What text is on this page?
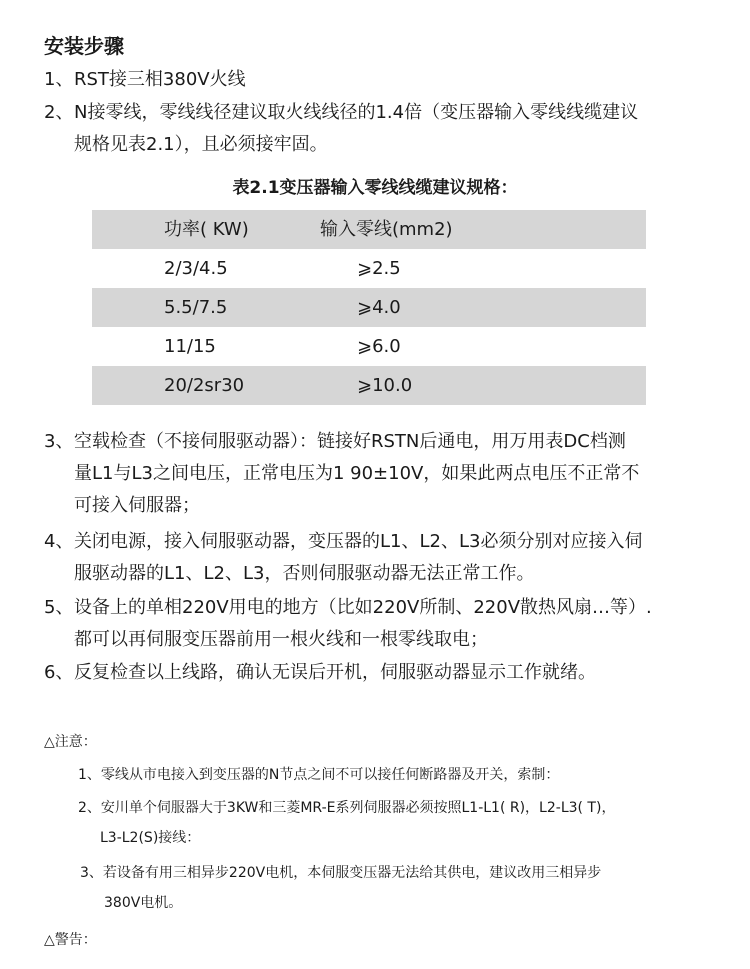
安装步骤
1、RST接三相380V火线
2、N接零线，零线线径建议取火线线径的1.4倍（变压器输入零线线缆建议
规格见表2.1），且必须接牢固。
表2.1变压器输入零线线缆建议规格：
功率( KW)	输入零线(mm2)
2/3/4.5	⩾2.5
5.5/7.5	⩾4.0
11/15	⩾6.0
20/2sr30	⩾10.0
3、空载检查（不接伺服驱动器）：链接好RSTN后通电，用万用表DC档测
量L1与L3之间电压，正常电压为1 90±10V，如果此两点电压不正常不
可接入伺服器；
4、关闭电源，接入伺服驱动器，变压器的L1、L2、L3必须分别对应接入伺
服驱动器的L1、L2、L3，否则伺服驱动器无法正常工作。
5、设备上的单相220V用电的地方（比如220V所制、220V散热风扇…等）.
都可以再伺服变压器前用一根火线和一根零线取电；
6、反复检查以上线路，确认无误后开机，伺服驱动器显示工作就绪。
△注意：
1、零线从市电接入到变压器的N节点之间不可以接任何断路器及开关，索制：
2、安川单个伺服器大于3KW和三菱MR-E系列伺服器必须按照L1-L1( R)，L2-L3( T)，
L3-L2(S)接线：
3、若设备有用三相异步220V电机，本伺服变压器无法给其供电，建议改用三相异步
380V电机。
△警告：
